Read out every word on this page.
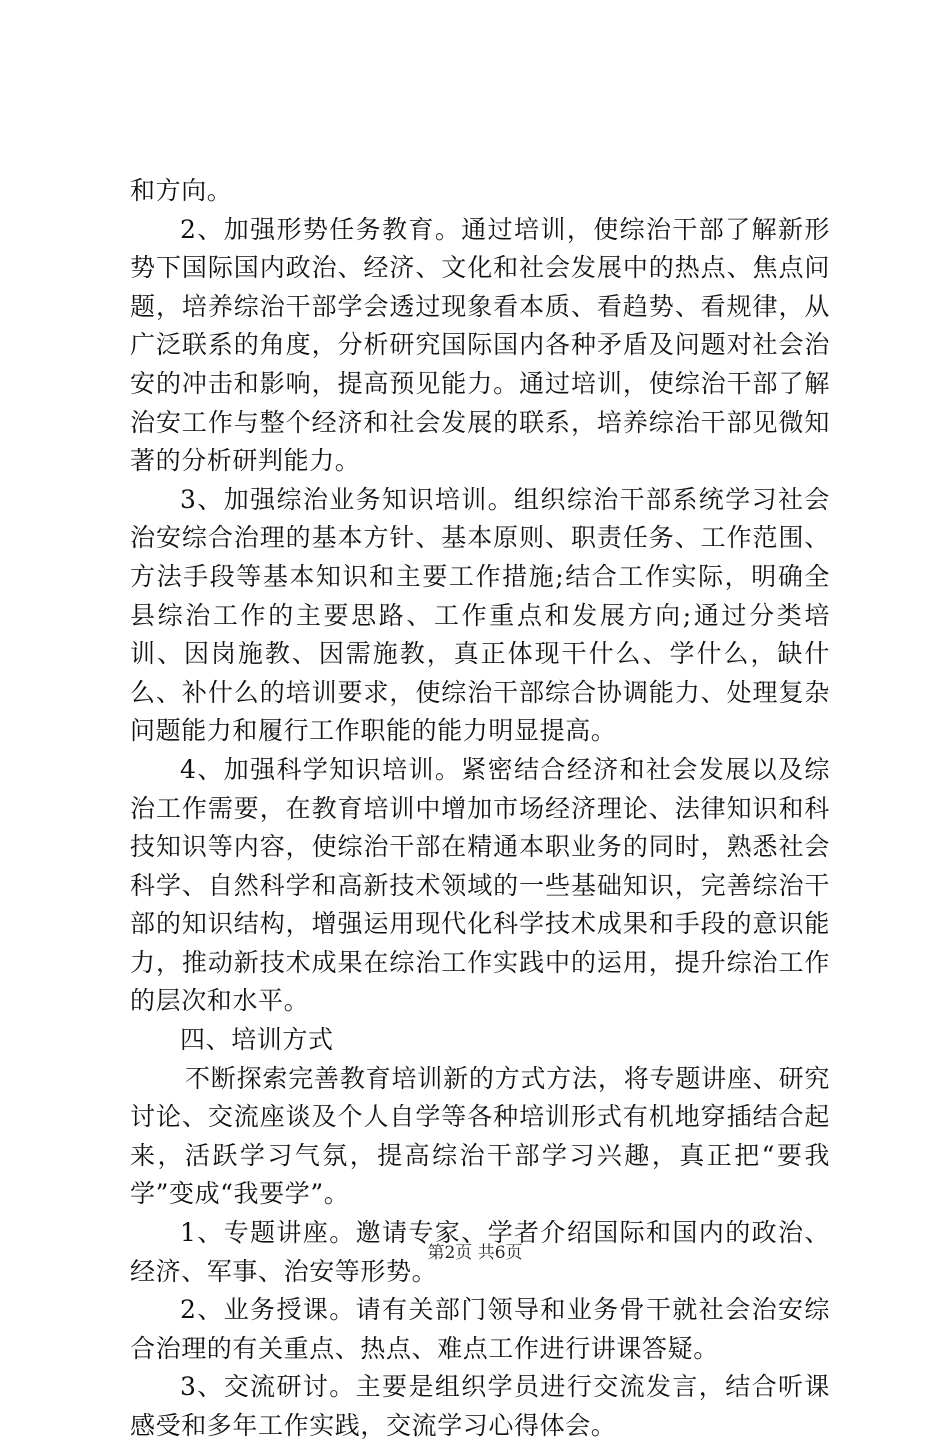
和方向。

2、加强形势任务教育。通过培训，使综治干部了解新形势下国际国内政治、经济、文化和社会发展中的热点、焦点问题，培养综治干部学会透过现象看本质、看趋势、看规律，从广泛联系的角度，分析研究国际国内各种矛盾及问题对社会治安的冲击和影响，提高预见能力。通过培训，使综治干部了解治安工作与整个经济和社会发展的联系，培养综治干部见微知著的分析研判能力。

3、加强综治业务知识培训。组织综治干部系统学习社会治安综合治理的基本方针、基本原则、职责任务、工作范围、方法手段等基本知识和主要工作措施;结合工作实际，明确全县综治工作的主要思路、工作重点和发展方向;通过分类培训、因岗施教、因需施教，真正体现干什么、学什么，缺什么、补什么的培训要求，使综治干部综合协调能力、处理复杂问题能力和履行工作职能的能力明显提高。

4、加强科学知识培训。紧密结合经济和社会发展以及综治工作需要，在教育培训中增加市场经济理论、法律知识和科技知识等内容，使综治干部在精通本职业务的同时，熟悉社会科学、自然科学和高新技术领域的一些基础知识，完善综治干部的知识结构，增强运用现代化科学技术成果和手段的意识能力，推动新技术成果在综治工作实践中的运用，提升综治工作的层次和水平。

四、培训方式

不断探索完善教育培训新的方式方法，将专题讲座、研究讨论、交流座谈及个人自学等各种培训形式有机地穿插结合起来，活跃学习气氛，提高综治干部学习兴趣，真正把“要我学”变成“我要学”。

1、专题讲座。邀请专家、学者介绍国际和国内的政治、经济、军事、治安等形势。

2、业务授课。请有关部门领导和业务骨干就社会治安综合治理的有关重点、热点、难点工作进行讲课答疑。

3、交流研讨。主要是组织学员进行交流发言，结合听课感受和多年工作实践，交流学习心得体会。

第2页 共6页
